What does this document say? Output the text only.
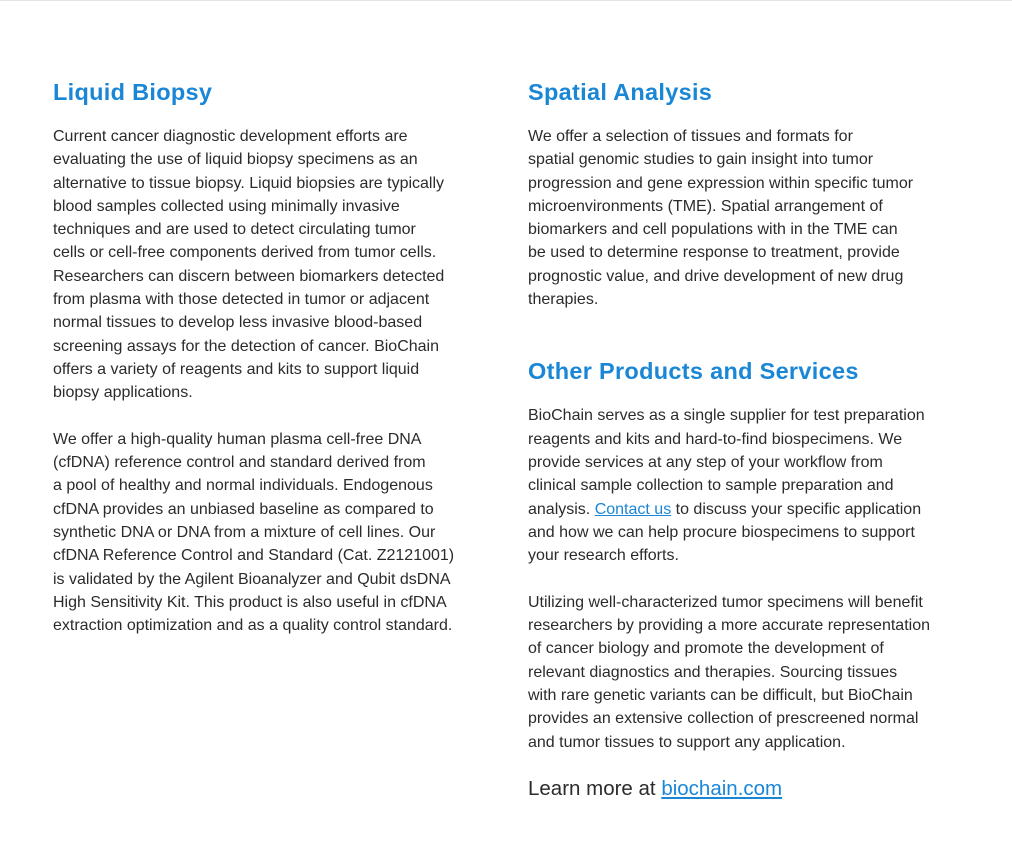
Liquid Biopsy

Current cancer diagnostic development efforts are
evaluating the use of liquid biopsy specimens as an
alternative to tissue biopsy. Liquid biopsies are typically
blood samples collected using minimally invasive
techniques and are used to detect circulating tumor
cells or cell-free components derived from tumor cells.
Researchers can discern between biomarkers detected
from plasma with those detected in tumor or adjacent
normal tissues to develop less invasive blood-based
screening assays for the detection of cancer. BioChain
offers a variety of reagents and kits to support liquid
biopsy applications.

We offer a high-quality human plasma cell-free DNA
(cfDNA) reference control and standard derived from
a pool of healthy and normal individuals. Endogenous
cfDNA provides an unbiased baseline as compared to
synthetic DNA or DNA from a mixture of cell lines. Our
cfDNA Reference Control and Standard (Cat. Z2121001)
is validated by the Agilent Bioanalyzer and Qubit dsDNA
High Sensitivity Kit. This product is also useful in cfDNA
extraction optimization and as a quality control standard.

Spatial Analysis

We offer a selection of tissues and formats for
spatial genomic studies to gain insight into tumor
progression and gene expression within specific tumor
microenvironments (TME). Spatial arrangement of
biomarkers and cell populations with in the TME can
be used to determine response to treatment, provide
prognostic value, and drive development of new drug
therapies.

Other Products and Services

BioChain serves as a single supplier for test preparation
reagents and kits and hard-to-find biospecimens. We
provide services at any step of your workflow from
clinical sample collection to sample preparation and
analysis. Contact us to discuss your specific application
and how we can help procure biospecimens to support
your research efforts.

Utilizing well-characterized tumor specimens will benefit
researchers by providing a more accurate representation
of cancer biology and promote the development of
relevant diagnostics and therapies. Sourcing tissues
with rare genetic variants can be difficult, but BioChain
provides an extensive collection of prescreened normal
and tumor tissues to support any application.

Learn more at biochain.com
